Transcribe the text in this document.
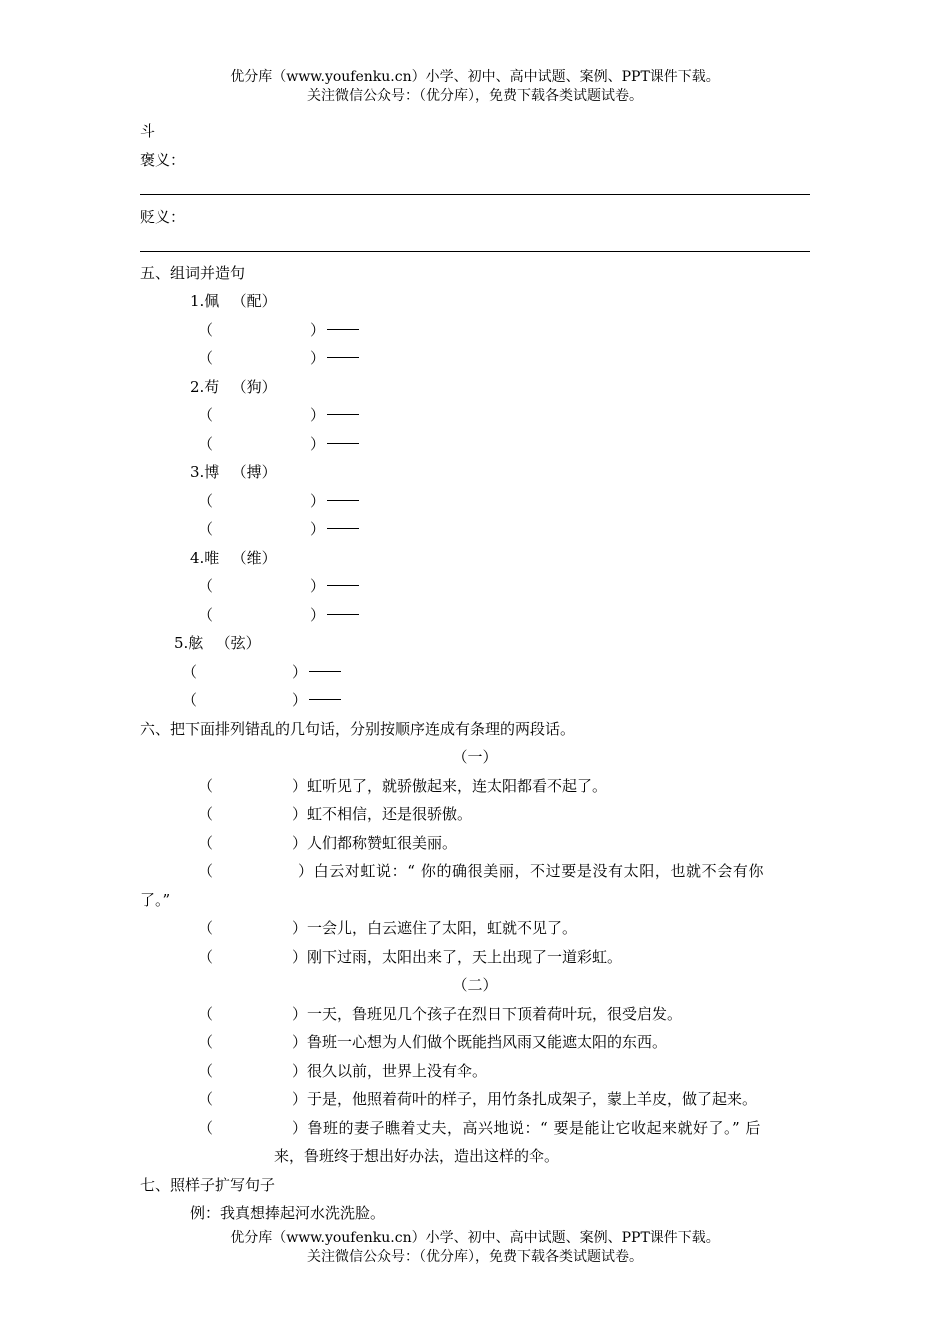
优分库（www.youfenku.cn）小学、初中、高中试题、案例、PPT课件下载。
关注微信公众号：（优分库），免费下载各类试题试卷。
斗
褒义：
贬义：
五、组词并造句
1.佩 　（配）
（	）
（	）
2.苟 　（狗）
（	）
（	）
3.博 　（搏）
（	）
（	）
4.唯 　（维）
（	）
（	）
5.舷 　（弦）
（	）
（	）
六、把下面排列错乱的几句话，分别按顺序连成有条理的两段话。
（一）
（	）虹听见了，就骄傲起来，连太阳都看不起了。
（	）虹不相信，还是很骄傲。
（	）人们都称赞虹很美丽。
（	）白云对虹说：“ 你的确很美丽，不过要是没有太阳，也就不会有你
了。”
（	）一会儿，白云遮住了太阳，虹就不见了。
（	）刚下过雨，太阳出来了，天上出现了一道彩虹。
（二）
（	）一天，鲁班见几个孩子在烈日下顶着荷叶玩，很受启发。
（	）鲁班一心想为人们做个既能挡风雨又能遮太阳的东西。
（	）很久以前，世界上没有伞。
（	）于是，他照着荷叶的样子，用竹条扎成架子，蒙上羊皮，做了起来。
（	）鲁班的妻子瞧着丈夫，高兴地说：“ 要是能让它收起来就好了。” 后
来，鲁班终于想出好办法，造出这样的伞。
七、照样子扩写句子
例：我真想捧起河水洗洗脸。
优分库（www.youfenku.cn）小学、初中、高中试题、案例、PPT课件下载。
关注微信公众号：（优分库），免费下载各类试题试卷。
